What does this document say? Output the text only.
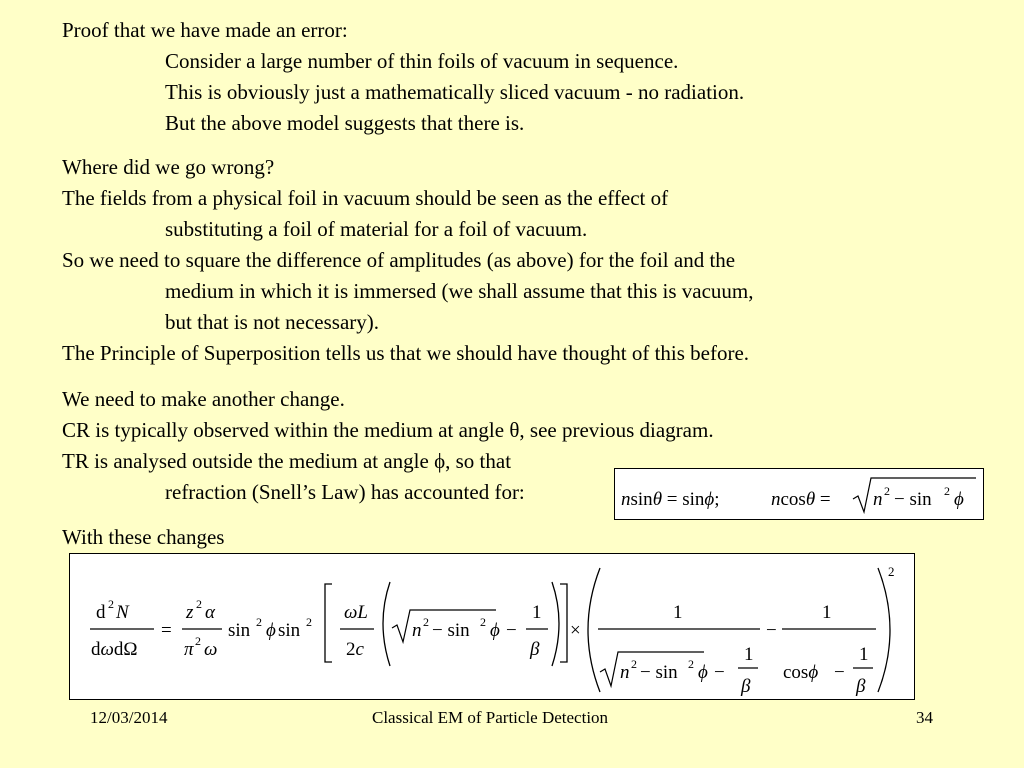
Proof that we have made an error:
Consider a large number of thin foils of vacuum in sequence.
This is obviously just a mathematically sliced vacuum - no radiation.
But the above model suggests that there is.
Where did we go wrong?
The fields from a physical foil in vacuum should be seen as the effect of
substituting a foil of material for a foil of vacuum.
So we need to square the difference of amplitudes (as above) for the foil and the
medium in which it is immersed (we shall assume that this is vacuum,
but that is not necessary).
The Principle of Superposition tells us that we should have thought of this before.
We need to make another change.
CR is typically observed within the medium at angle θ, see previous diagram.
TR is analysed outside the medium at angle ϕ, so that
refraction (Snell’s Law) has accounted for:
With these changes
nsinθ = sinϕ;	ncosθ = n 2 − sin 2 ϕ
d 2 N
dωdΩ
=
z 2 α
π 2 ω
sin 2 ϕ sin 2 ωL
2c
n 2 − sin 2 ϕ −
1
β
×
1
n 2 − sin 2 ϕ −
1
β
−
1
cosϕ −
1
β
2
12/03/2014	Classical EM of Particle Detection	34
